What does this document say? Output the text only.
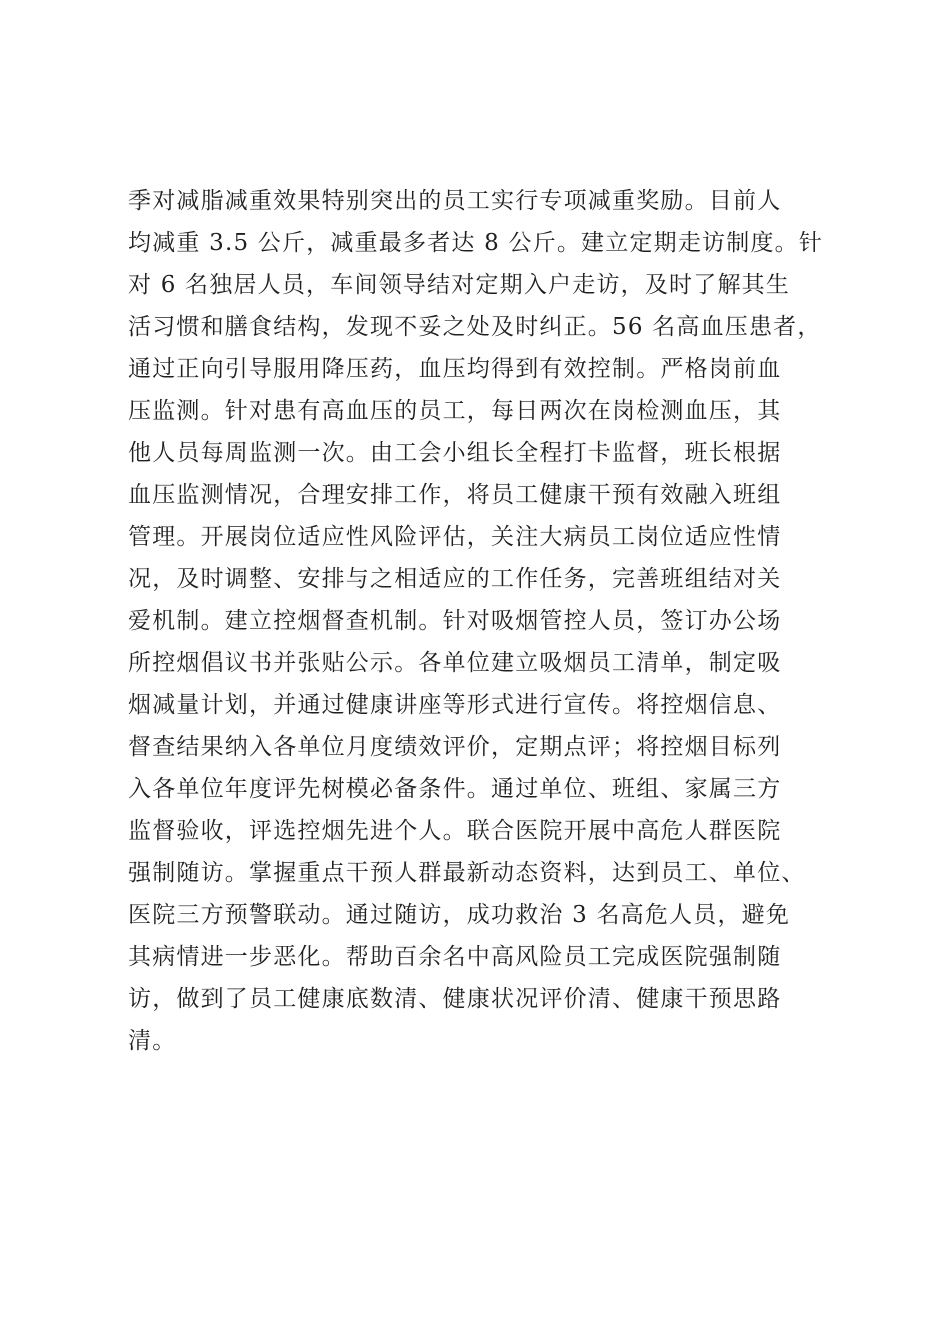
季对减脂减重效果特别突出的员工实行专项减重奖励。目前人
均减重 3.5 公斤，减重最多者达 8 公斤。建立定期走访制度。针
对 6 名独居人员，车间领导结对定期入户走访，及时了解其生
活习惯和膳食结构，发现不妥之处及时纠正。56 名高血压患者，
通过正向引导服用降压药，血压均得到有效控制。严格岗前血
压监测。针对患有高血压的员工，每日两次在岗检测血压，其
他人员每周监测一次。由工会小组长全程打卡监督，班长根据
血压监测情况，合理安排工作，将员工健康干预有效融入班组
管理。开展岗位适应性风险评估，关注大病员工岗位适应性情
况，及时调整、安排与之相适应的工作任务，完善班组结对关
爱机制。建立控烟督查机制。针对吸烟管控人员，签订办公场
所控烟倡议书并张贴公示。各单位建立吸烟员工清单，制定吸
烟减量计划，并通过健康讲座等形式进行宣传。将控烟信息、
督查结果纳入各单位月度绩效评价，定期点评；将控烟目标列
入各单位年度评先树模必备条件。通过单位、班组、家属三方
监督验收，评选控烟先进个人。联合医院开展中高危人群医院
强制随访。掌握重点干预人群最新动态资料，达到员工、单位、
医院三方预警联动。通过随访，成功救治 3 名高危人员，避免
其病情进一步恶化。帮助百余名中高风险员工完成医院强制随
访，做到了员工健康底数清、健康状况评价清、健康干预思路
清。
